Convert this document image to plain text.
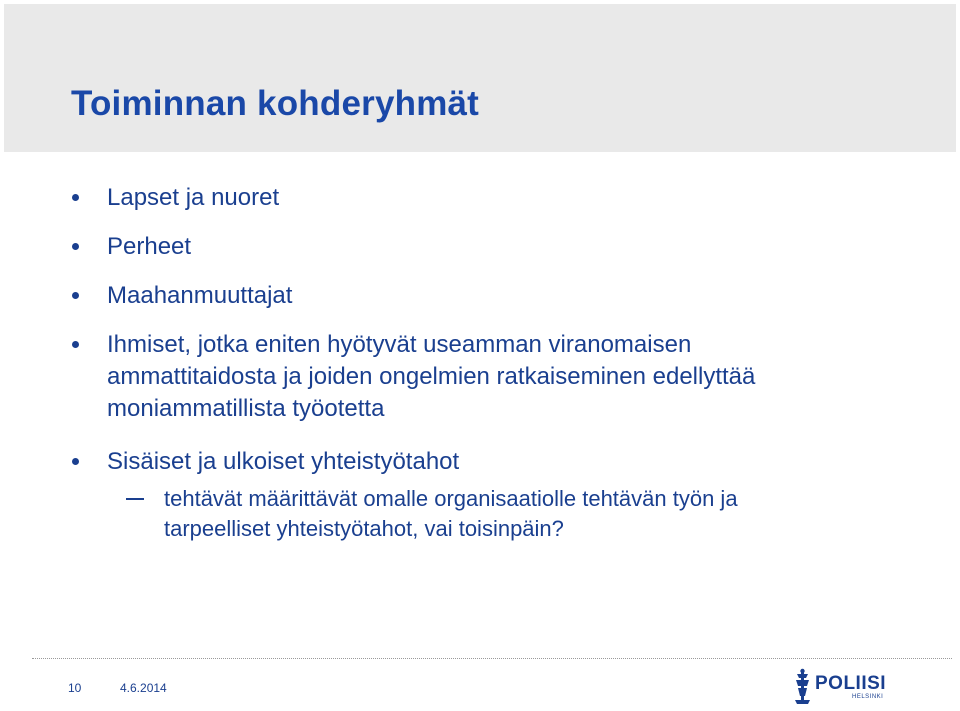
Toiminnan kohderyhmät
Lapset ja nuoret
Perheet
Maahanmuuttajat
Ihmiset, jotka eniten hyötyvät useamman viranomaisen
ammattitaidosta ja joiden ongelmien ratkaiseminen edellyttää
moniammatillista työotetta
Sisäiset ja ulkoiset yhteistyötahot
tehtävät määrittävät omalle organisaatiolle tehtävän työn ja
tarpeelliset yhteistyötahot, vai toisinpäin?
10	4.6.2014	POLIISI
HELSINKI
